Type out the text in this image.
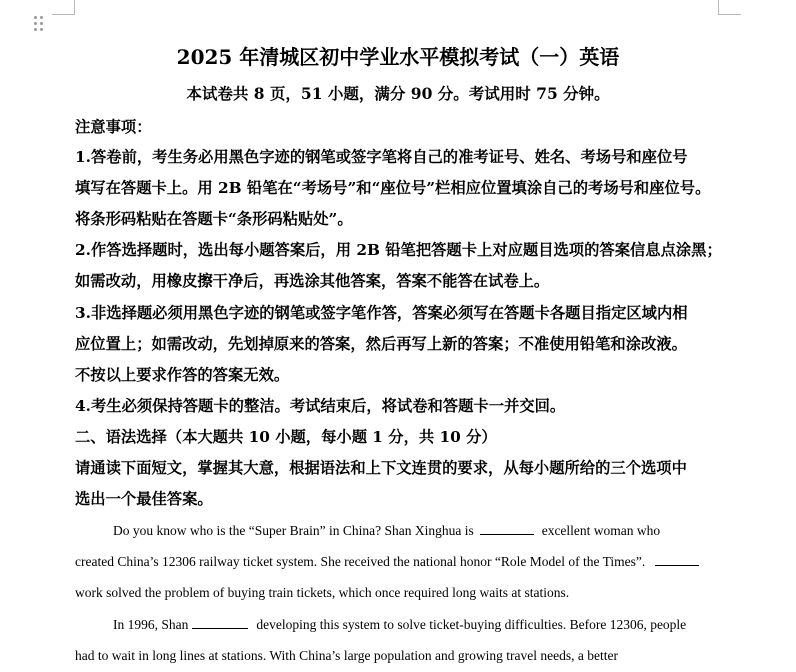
2025 年清城区初中学业水平模拟考试（一）英语
本试卷共 8 页，51 小题，满分 90 分。考试用时 75 分钟。
注意事项：
1.答卷前，考生务必用黑色字迹的钢笔或签字笔将自己的准考证号、姓名、考场号和座位号
填写在答题卡上。用 2B 铅笔在“考场号”和“座位号”栏相应位置填涂自己的考场号和座位号。
将条形码粘贴在答题卡“条形码粘贴处”。
2.作答选择题时，选出每小题答案后，用 2B 铅笔把答题卡上对应题目选项的答案信息点涂黑；
如需改动，用橡皮擦干净后，再选涂其他答案，答案不能答在试卷上。
3.非选择题必须用黑色字迹的钢笔或签字笔作答，答案必须写在答题卡各题目指定区域内相
应位置上；如需改动，先划掉原来的答案，然后再写上新的答案；不准使用铅笔和涂改液。
不按以上要求作答的答案无效。
4.考生必须保持答题卡的整洁。考试结束后，将试卷和答题卡一并交回。
二、语法选择（本大题共 10 小题，每小题 1 分，共 10 分）
请通读下面短文，掌握其大意，根据语法和上下文连贯的要求，从每小题所给的三个选项中
选出一个最佳答案。
Do you know who is the “Super Brain” in China? Shan Xinghua is	excellent woman who
created China’s 12306 railway ticket system. She received the national honor “Role Model of the Times”.
work solved the problem of buying train tickets, which once required long waits at stations.
In 1996, Shan	developing this system to solve ticket-buying difficulties. Before 12306, people
had to wait in long lines at stations. With China’s large population and growing travel needs, a better
